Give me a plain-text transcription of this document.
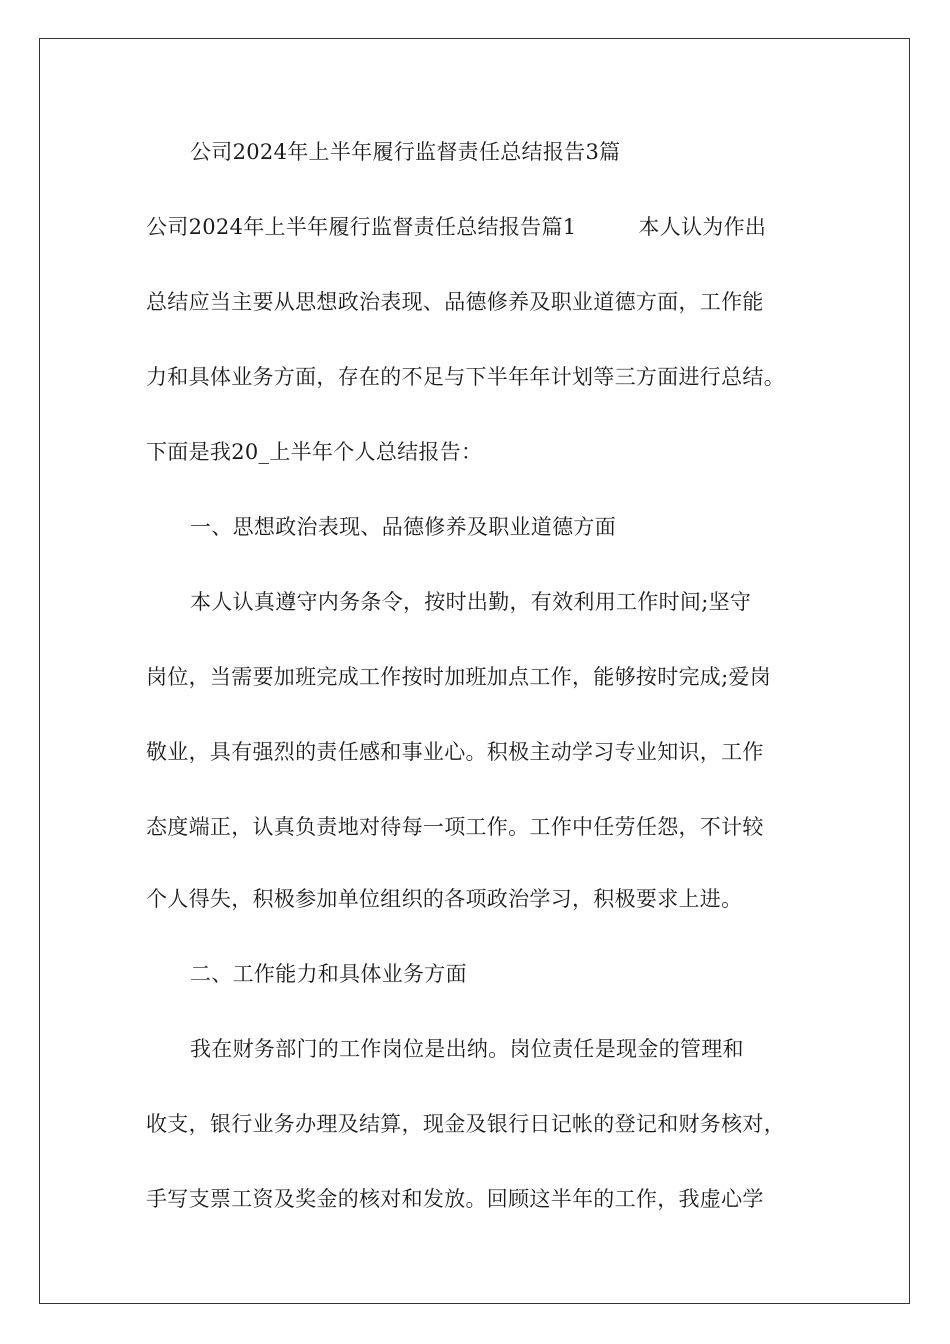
公司2024年上半年履行监督责任总结报告3篇
公司2024年上半年履行监督责任总结报告篇1	本人认为作出
总结应当主要从思想政治表现、品德修养及职业道德方面，工作能
力和具体业务方面，存在的不足与下半年年计划等三方面进行总结。
下面是我20_上半年个人总结报告：
一、思想政治表现、品德修养及职业道德方面
本人认真遵守内务条令，按时出勤，有效利用工作时间;坚守
岗位，当需要加班完成工作按时加班加点工作，能够按时完成;爱岗
敬业，具有强烈的责任感和事业心。积极主动学习专业知识，工作
态度端正，认真负责地对待每一项工作。工作中任劳任怨，不计较
个人得失，积极参加单位组织的各项政治学习，积极要求上进。
二、工作能力和具体业务方面
我在财务部门的工作岗位是出纳。岗位责任是现金的管理和
收支，银行业务办理及结算，现金及银行日记帐的登记和财务核对，
手写支票工资及奖金的核对和发放。回顾这半年的工作，我虚心学
